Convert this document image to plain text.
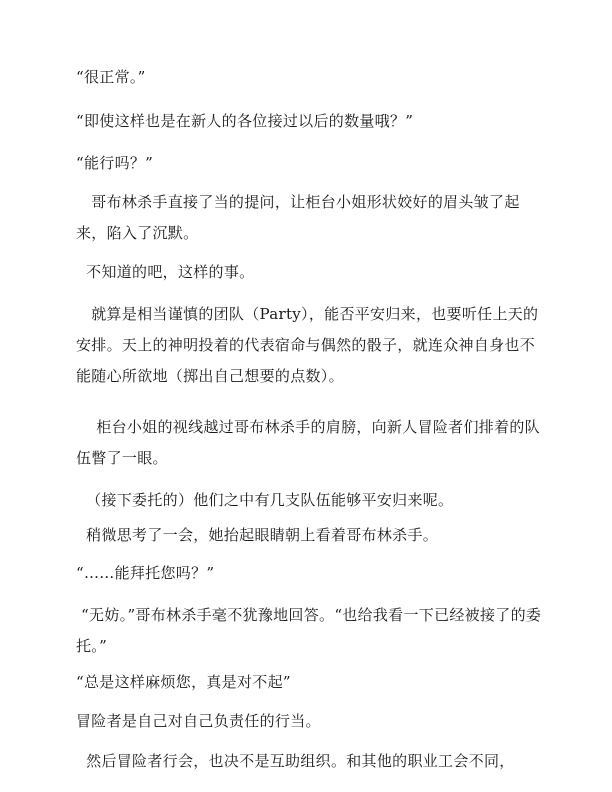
“很正常。”

“即使这样也是在新人的各位接过以后的数量哦？”

“能行吗？”

哥布林杀手直接了当的提问，让柜台小姐形状姣好的眉头皱了起来，陷入了沉默。

不知道的吧，这样的事。

就算是相当谨慎的团队（Party），能否平安归来，也要听任上天的安排。天上的神明投着的代表宿命与偶然的骰子，就连众神自身也不能随心所欲地（掷出自己想要的点数）。

柜台小姐的视线越过哥布林杀手的肩膀，向新人冒险者们排着的队伍瞥了一眼。

（接下委托的）他们之中有几支队伍能够平安归来呢。

稍微思考了一会，她抬起眼睛朝上看着哥布林杀手。

“……能拜托您吗？”

“无妨。”哥布林杀手毫不犹豫地回答。“也给我看一下已经被接了的委托。”

“总是这样麻烦您，真是对不起”

冒险者是自己对自己负责任的行当。

然后冒险者行会，也决不是互助组织。和其他的职业工会不同，
